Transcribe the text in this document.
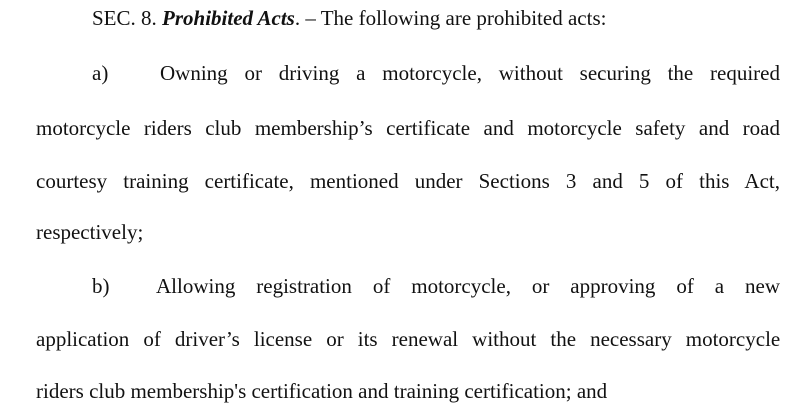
SEC. 8. Prohibited Acts. – The following are prohibited acts:
a) Owning or driving a motorcycle, without securing the required
motorcycle riders club membership’s certificate and motorcycle safety and road
courtesy training certificate, mentioned under Sections 3 and 5 of this Act,
respectively;
b) Allowing registration of motorcycle, or approving of a new
application of driver’s license or its renewal without the necessary motorcycle
riders club membership's certification and training certification; and
